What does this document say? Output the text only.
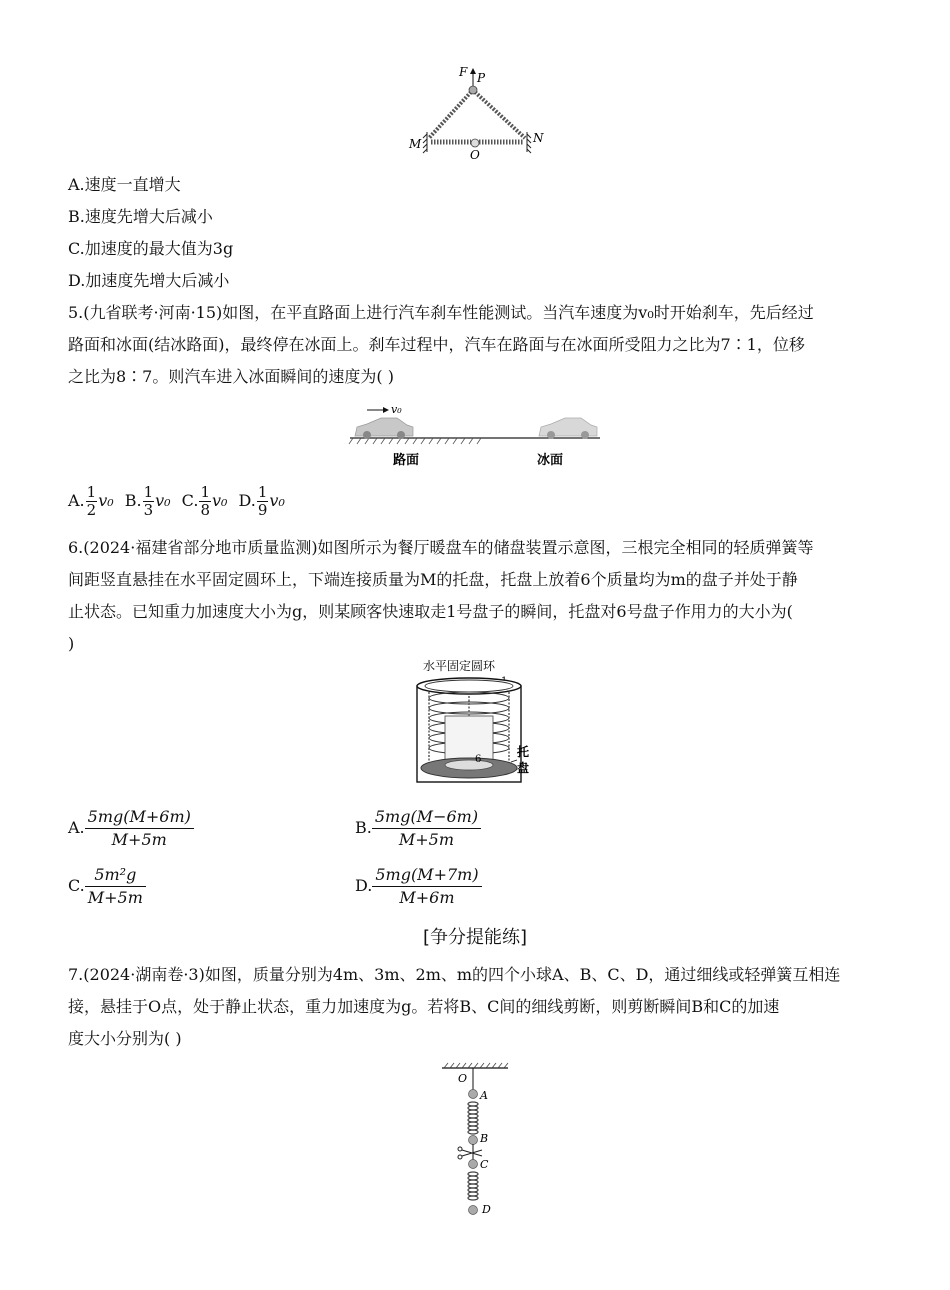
F P
M
O
N
A.速度一直增大
B.速度先增大后减小
C.加速度的最大值为3g
D.加速度先增大后减小
5.(九省联考·河南·15)如图，在平直路面上进行汽车刹车性能测试。当汽车速度为v₀时开始刹车，先后经过
路面和冰面(结冰路面)，最终停在冰面上。刹车过程中，汽车在路面与在冰面所受阻力之比为7∶1，位移
之比为8∶7。则汽车进入冰面瞬间的速度为( )
v₀
路面	冰面
A. $\frac{1}{2} v_0$ B. $\frac{1}{3} v_0$ C. $\frac{1}{8} v_0$ D. $\frac{1}{9} v_0$
6.(2024·福建省部分地市质量监测)如图所示为餐厅暖盘车的储盘装置示意图，三根完全相同的轻质弹簧等
间距竖直悬挂在水平固定圆环上，下端连接质量为M的托盘，托盘上放着6个质量均为m的盘子并处于静
止状态。已知重力加速度大小为g，则某顾客快速取走1号盘子的瞬间，托盘对6号盘子作用力的大小为(
)
水平固定圆环
6
托
盘
A. $\frac{5mg(M+6m)}{M+5m}$	B. $\frac{5mg(M-6m)}{M+5m}$
C. $\frac{\text{5m²g}}{M+5m}$	D. $\frac{5mg(M+7m)}{M+6m}$
[争分提能练]
7.(2024·湖南卷·3)如图，质量分别为4m、3m、2m、m的四个小球A、B、C、D，通过细线或轻弹簧互相连
接，悬挂于O点，处于静止状态，重力加速度为g。若将B、C间的细线剪断，则剪断瞬间B和C的加速
度大小分别为( )
O
A
B
C
D
